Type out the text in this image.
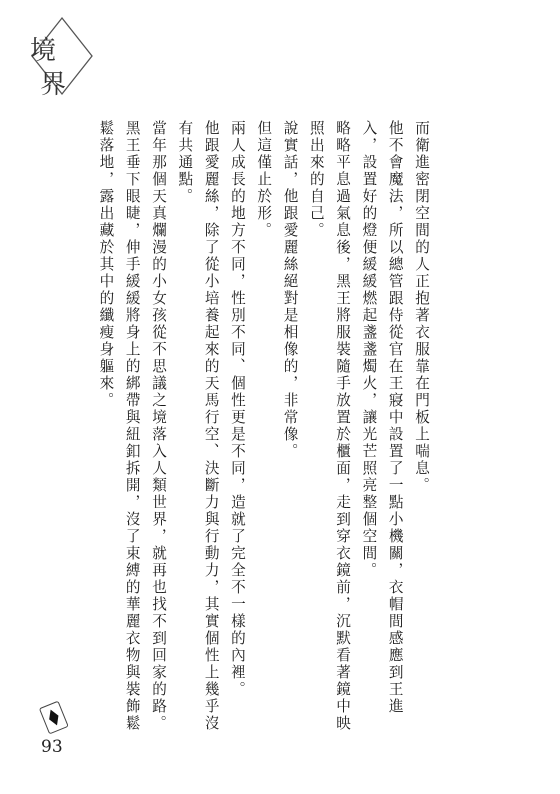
境
界

而衛進密閉空間的人正抱著衣服靠在門板上喘息。

他不會魔法，所以總管跟侍從官在王寢中設置了一點小機關，衣帽間感應到王進入，設置好的燈便緩緩燃起盞盞燭火，讓光芒照亮整個空間。

略略平息過氣息後，黑王將服裝隨手放置於櫃面，走到穿衣鏡前，沉默看著鏡中映照出來的自己。

說實話，他跟愛麗絲絕對是相像的，非常像。

但這僅止於形。

兩人成長的地方不同，性別不同、個性更是不同，造就了完全不一樣的內裡。

他跟愛麗絲，除了從小培養起來的天馬行空、決斷力與行動力，其實個性上幾乎沒有共通點。

當年那個天真爛漫的小女孩從不思議之境落入人類世界，就再也找不到回家的路。

黑王垂下眼睫，伸手緩緩將身上的綁帶與紐釦拆開，沒了束縛的華麗衣物與裝飾鬆鬆落地，露出藏於其中的纖瘦身軀來。

93
